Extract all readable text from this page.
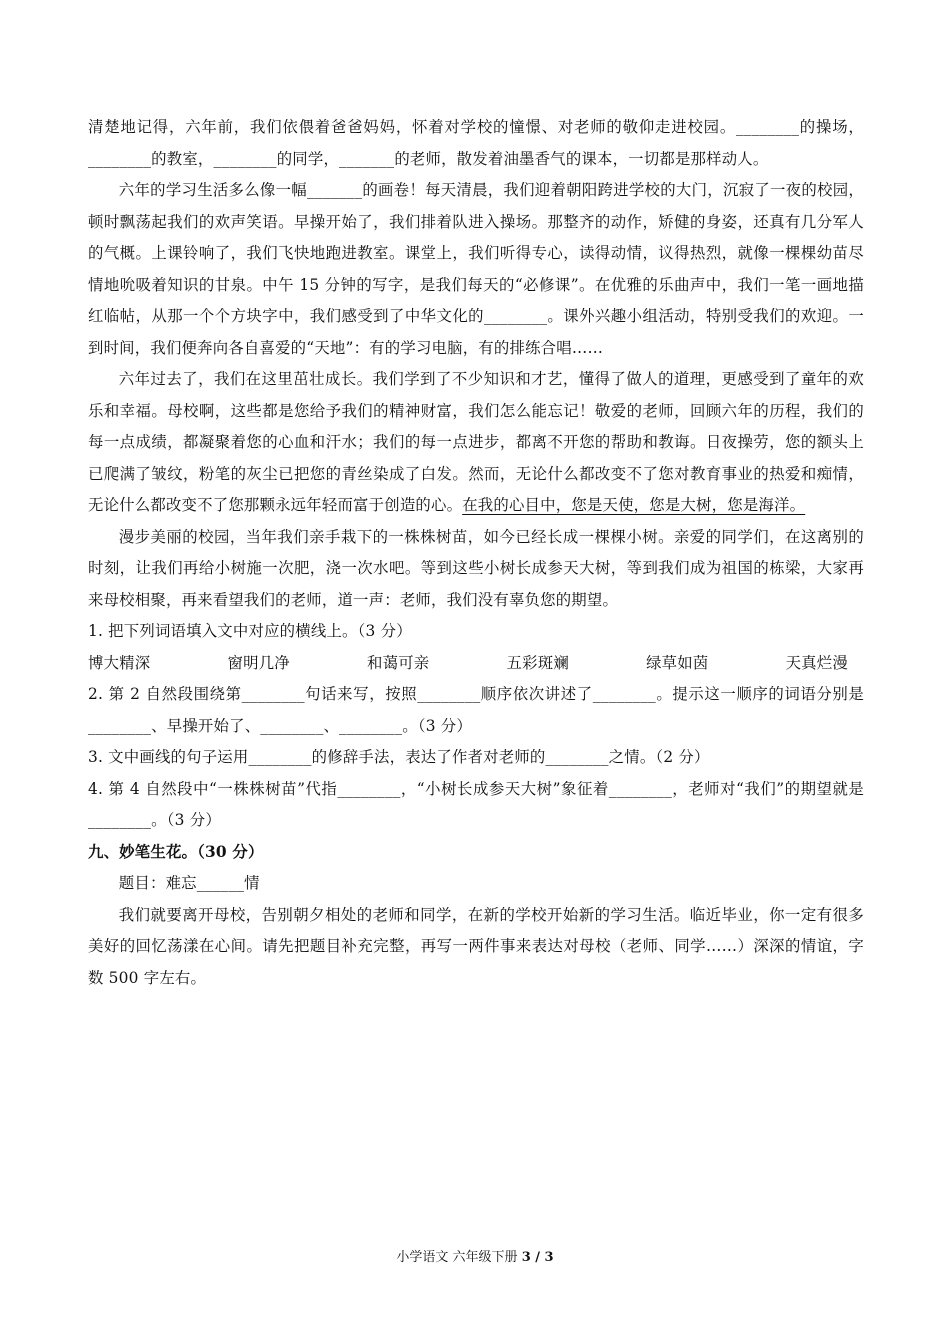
清楚地记得，六年前，我们依偎着爸爸妈妈，怀着对学校的憧憬、对老师的敬仰走进校园。________的操场，________的教室，________的同学，_______的老师，散发着油墨香气的课本，一切都是那样动人。

六年的学习生活多么像一幅_______的画卷！每天清晨，我们迎着朝阳跨进学校的大门，沉寂了一夜的校园，顿时飘荡起我们的欢声笑语。早操开始了，我们排着队进入操场。那整齐的动作，矫健的身姿，还真有几分军人的气概。上课铃响了，我们飞快地跑进教室。课堂上，我们听得专心，读得动情，议得热烈，就像一棵棵幼苗尽情地吮吸着知识的甘泉。中午 15 分钟的写字，是我们每天的“必修课”。在优雅的乐曲声中，我们一笔一画地描红临帖，从那一个个方块字中，我们感受到了中华文化的________。课外兴趣小组活动，特别受我们的欢迎。一到时间，我们便奔向各自喜爱的“天地”：有的学习电脑，有的排练合唱……

六年过去了，我们在这里茁壮成长。我们学到了不少知识和才艺，懂得了做人的道理，更感受到了童年的欢乐和幸福。母校啊，这些都是您给予我们的精神财富，我们怎么能忘记！敬爱的老师，回顾六年的历程，我们的每一点成绩，都凝聚着您的心血和汗水；我们的每一点进步，都离不开您的帮助和教诲。日夜操劳，您的额头上已爬满了皱纹，粉笔的灰尘已把您的青丝染成了白发。然而，无论什么都改变不了您对教育事业的热爱和痴情，无论什么都改变不了您那颗永远年轻而富于创造的心。在我的心目中，您是天使，您是大树，您是海洋。

漫步美丽的校园，当年我们亲手栽下的一株株树苗，如今已经长成一棵棵小树。亲爱的同学们，在这离别的时刻，让我们再给小树施一次肥，浇一次水吧。等到这些小树长成参天大树，等到我们成为祖国的栋梁，大家再来母校相聚，再来看望我们的老师，道一声：老师，我们没有辜负您的期望。

1. 把下列词语填入文中对应的横线上。（3 分）

博大精深	窗明几净	和蔼可亲	五彩斑斓	绿草如茵	天真烂漫

2. 第 2 自然段围绕第________句话来写，按照________顺序依次讲述了________。提示这一顺序的词语分别是________、早操开始了、________、________。（3 分）

3. 文中画线的句子运用________的修辞手法，表达了作者对老师的________之情。（2 分）

4. 第 4 自然段中“一株株树苗”代指________，“小树长成参天大树”象征着________，老师对“我们”的期望就是________。（3 分）

九、妙笔生花。（30 分）

题目：难忘______情

我们就要离开母校，告别朝夕相处的老师和同学，在新的学校开始新的学习生活。临近毕业，你一定有很多美好的回忆荡漾在心间。请先把题目补充完整，再写一两件事来表达对母校（老师、同学……）深深的情谊，字数 500 字左右。

小学语文 六年级下册 3 / 3
